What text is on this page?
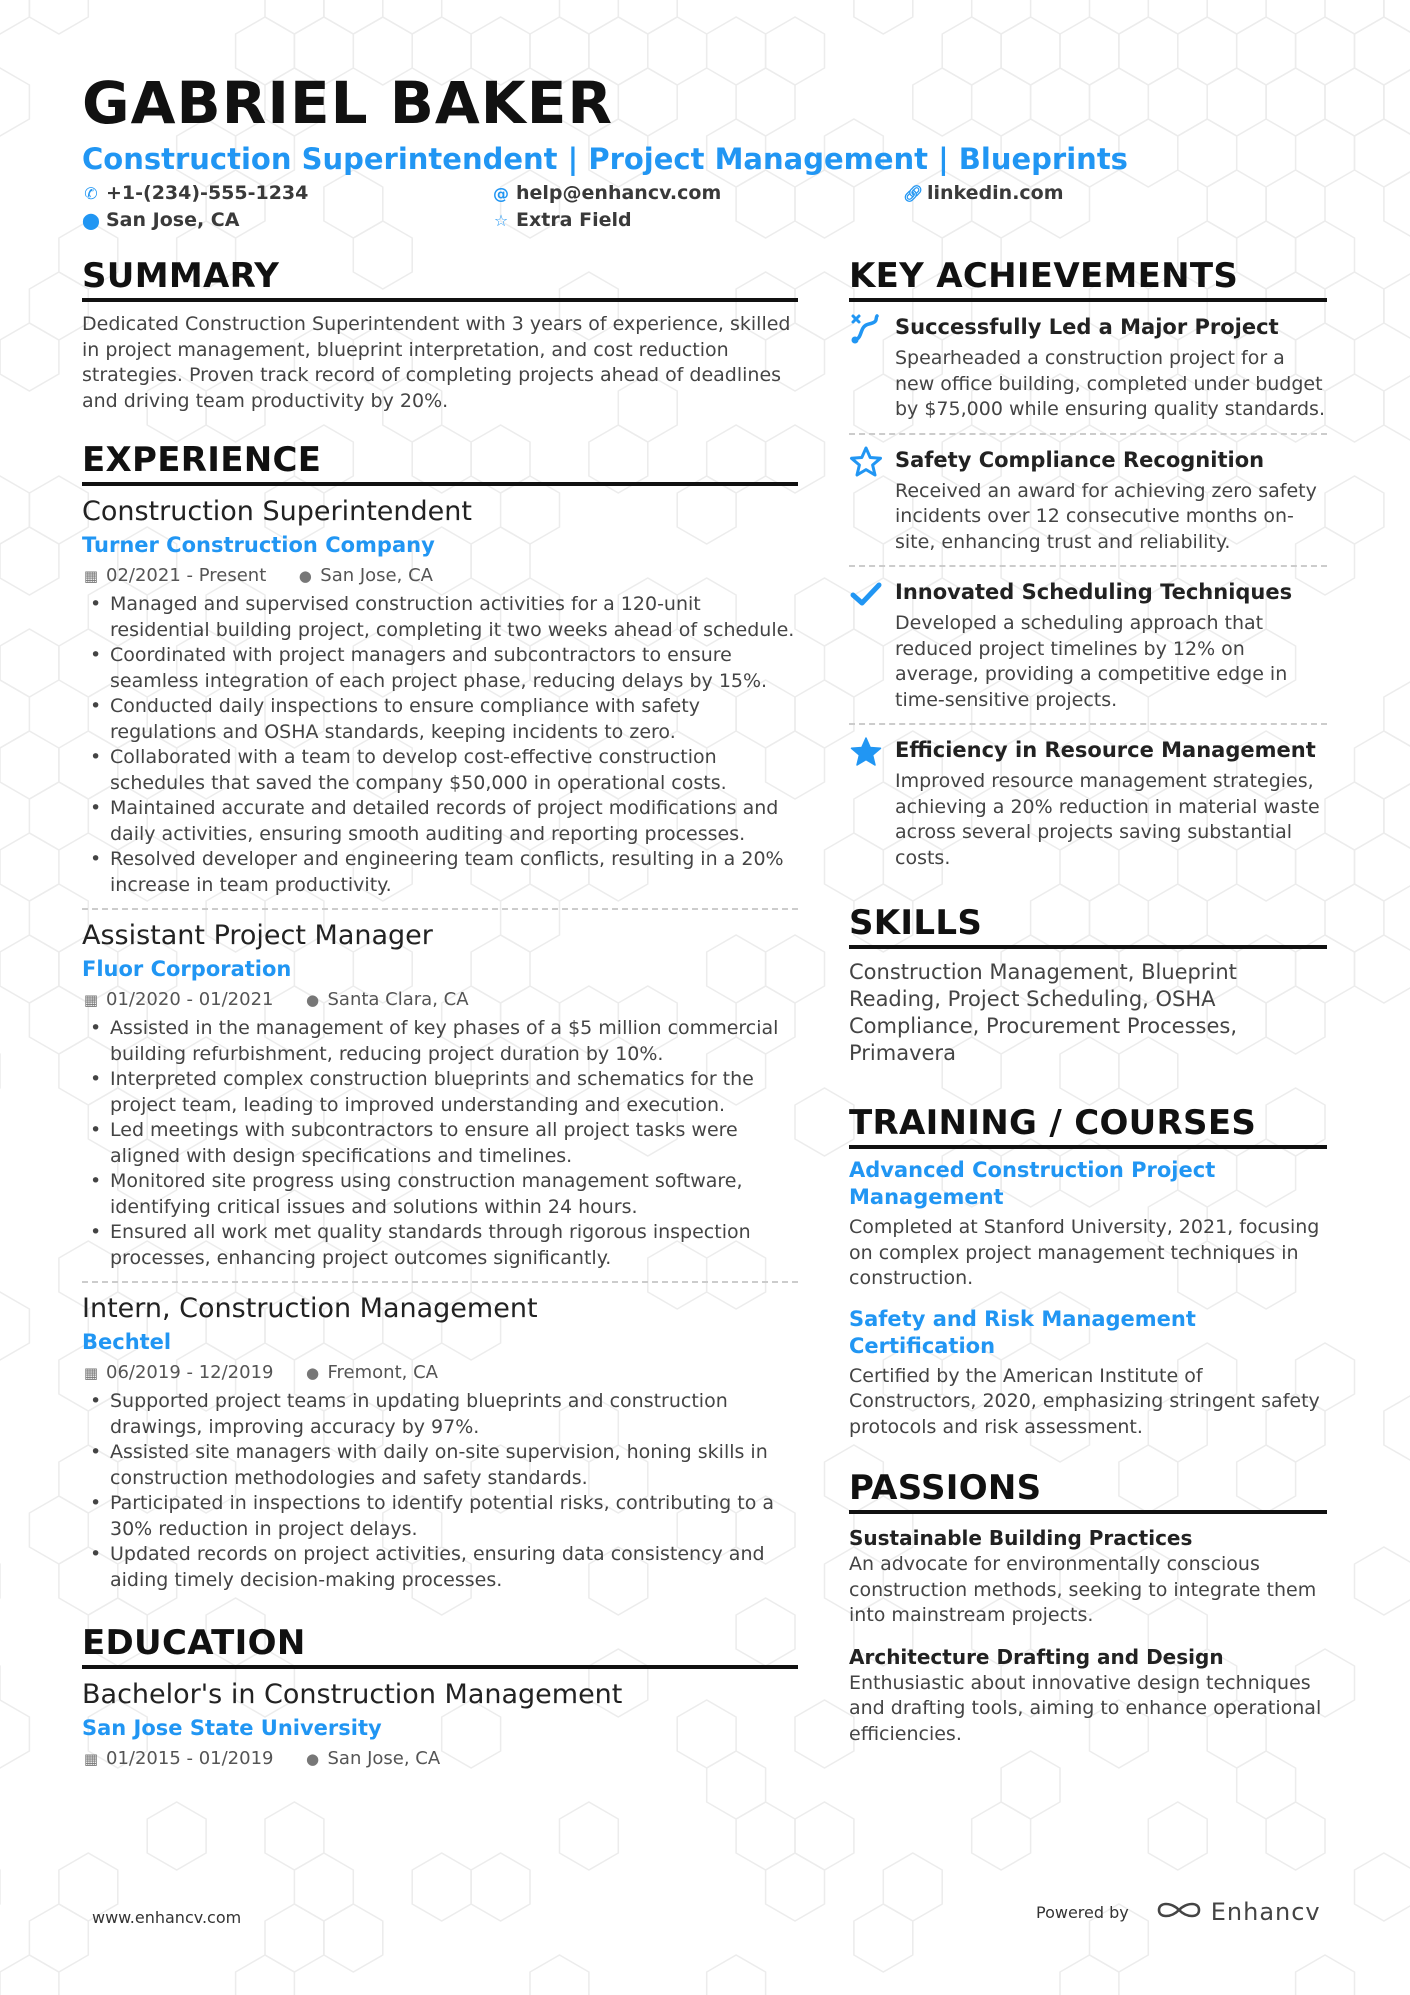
GABRIEL BAKER
Construction Superintendent | Project Management | Blueprints
✆ +1-(234)-555-1234	@ help@enhancv.com	🔗︎ linkedin.com
⬤ San Jose, CA	☆ Extra Field
SUMMARY
Dedicated Construction Superintendent with 3 years of experience, skilled in project management, blueprint interpretation, and cost reduction strategies. Proven track record of completing projects ahead of deadlines and driving team productivity by 20%.
EXPERIENCE
Construction Superintendent
Turner Construction Company
▦ 02/2021 - Present ● San Jose, CA
• Managed and supervised construction activities for a 120-unit residential building project, completing it two weeks ahead of schedule.
• Coordinated with project managers and subcontractors to ensure seamless integration of each project phase, reducing delays by 15%.
• Conducted daily inspections to ensure compliance with safety regulations and OSHA standards, keeping incidents to zero.
• Collaborated with a team to develop cost-effective construction schedules that saved the company $50,000 in operational costs.
• Maintained accurate and detailed records of project modifications and daily activities, ensuring smooth auditing and reporting processes.
• Resolved developer and engineering team conflicts, resulting in a 20% increase in team productivity.
Assistant Project Manager
Fluor Corporation
▦ 01/2020 - 01/2021 ● Santa Clara, CA
• Assisted in the management of key phases of a $5 million commercial building refurbishment, reducing project duration by 10%.
• Interpreted complex construction blueprints and schematics for the project team, leading to improved understanding and execution.
• Led meetings with subcontractors to ensure all project tasks were aligned with design specifications and timelines.
• Monitored site progress using construction management software, identifying critical issues and solutions within 24 hours.
• Ensured all work met quality standards through rigorous inspection processes, enhancing project outcomes significantly.
Intern, Construction Management
Bechtel
▦ 06/2019 - 12/2019 ● Fremont, CA
• Supported project teams in updating blueprints and construction drawings, improving accuracy by 97%.
• Assisted site managers with daily on-site supervision, honing skills in construction methodologies and safety standards.
• Participated in inspections to identify potential risks, contributing to a 30% reduction in project delays.
• Updated records on project activities, ensuring data consistency and aiding timely decision-making processes.
EDUCATION
Bachelor's in Construction Management
San Jose State University
▦ 01/2015 - 01/2019 ● San Jose, CA
KEY ACHIEVEMENTS
Successfully Led a Major Project
Spearheaded a construction project for a new office building, completed under budget by $75,000 while ensuring quality standards.
Safety Compliance Recognition
Received an award for achieving zero safety incidents over 12 consecutive months on-site, enhancing trust and reliability.
Innovated Scheduling Techniques
Developed a scheduling approach that reduced project timelines by 12% on average, providing a competitive edge in time-sensitive projects.
Efficiency in Resource Management
Improved resource management strategies, achieving a 20% reduction in material waste across several projects saving substantial costs.
SKILLS
Construction Management, Blueprint Reading, Project Scheduling, OSHA Compliance, Procurement Processes, Primavera
TRAINING / COURSES
Advanced Construction Project Management
Completed at Stanford University, 2021, focusing on complex project management techniques in construction.
Safety and Risk Management Certification
Certified by the American Institute of Constructors, 2020, emphasizing stringent safety protocols and risk assessment.
PASSIONS
Sustainable Building Practices
An advocate for environmentally conscious construction methods, seeking to integrate them into mainstream projects.
Architecture Drafting and Design
Enthusiastic about innovative design techniques and drafting tools, aiming to enhance operational efficiencies.
www.enhancv.com	Powered by	Enhancv
